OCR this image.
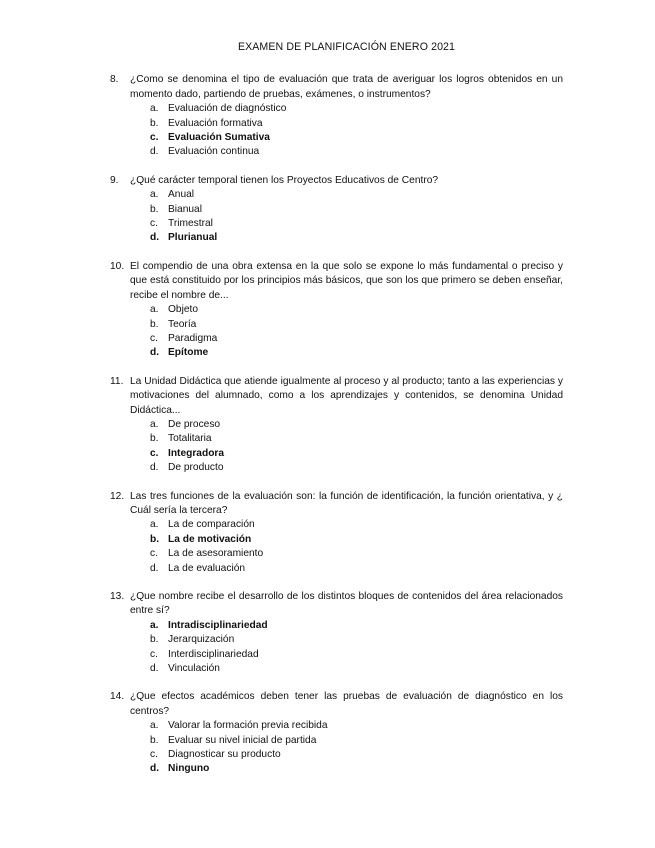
EXAMEN DE PLANIFICACIÓN ENERO 2021
8.	¿Como se denomina el tipo de evaluación que trata de averiguar los logros obtenidos en un momento dado, partiendo de pruebas, exámenes, o instrumentos?
a. Evaluación de diagnóstico
b. Evaluación formativa
c. Evaluación Sumativa
d. Evaluación continua
9.	¿Qué carácter temporal tienen los Proyectos Educativos de Centro?
a. Anual
b. Bianual
c. Trimestral
d. Plurianual
10. El compendio de una obra extensa en la que solo se expone lo más fundamental o preciso y que está constituido por los principios más básicos, que son los que primero se deben enseñar, recibe el nombre de...
a. Objeto
b. Teoría
c. Paradigma
d. Epítome
11. La Unidad Didáctica que atiende igualmente al proceso y al producto; tanto a las experiencias y motivaciones del alumnado, como a los aprendizajes y contenidos, se denomina Unidad Didáctica...
a. De proceso
b. Totalitaria
c. Integradora
d. De producto
12. Las tres funciones de la evaluación son: la función de identificación, la función orientativa, y ¿ Cuál sería la tercera?
a. La de comparación
b. La de motivación
c. La de asesoramiento
d. La de evaluación
13. ¿Que nombre recibe el desarrollo de los distintos bloques de contenidos del área relacionados entre sí?
a. Intradisciplinariedad
b. Jerarquización
c. Interdisciplinariedad
d. Vinculación
14. ¿Que efectos académicos deben tener las pruebas de evaluación de diagnóstico en los centros?
a. Valorar la formación previa recibida
b. Evaluar su nivel inicial de partida
c. Diagnosticar su producto
d. Ninguno
